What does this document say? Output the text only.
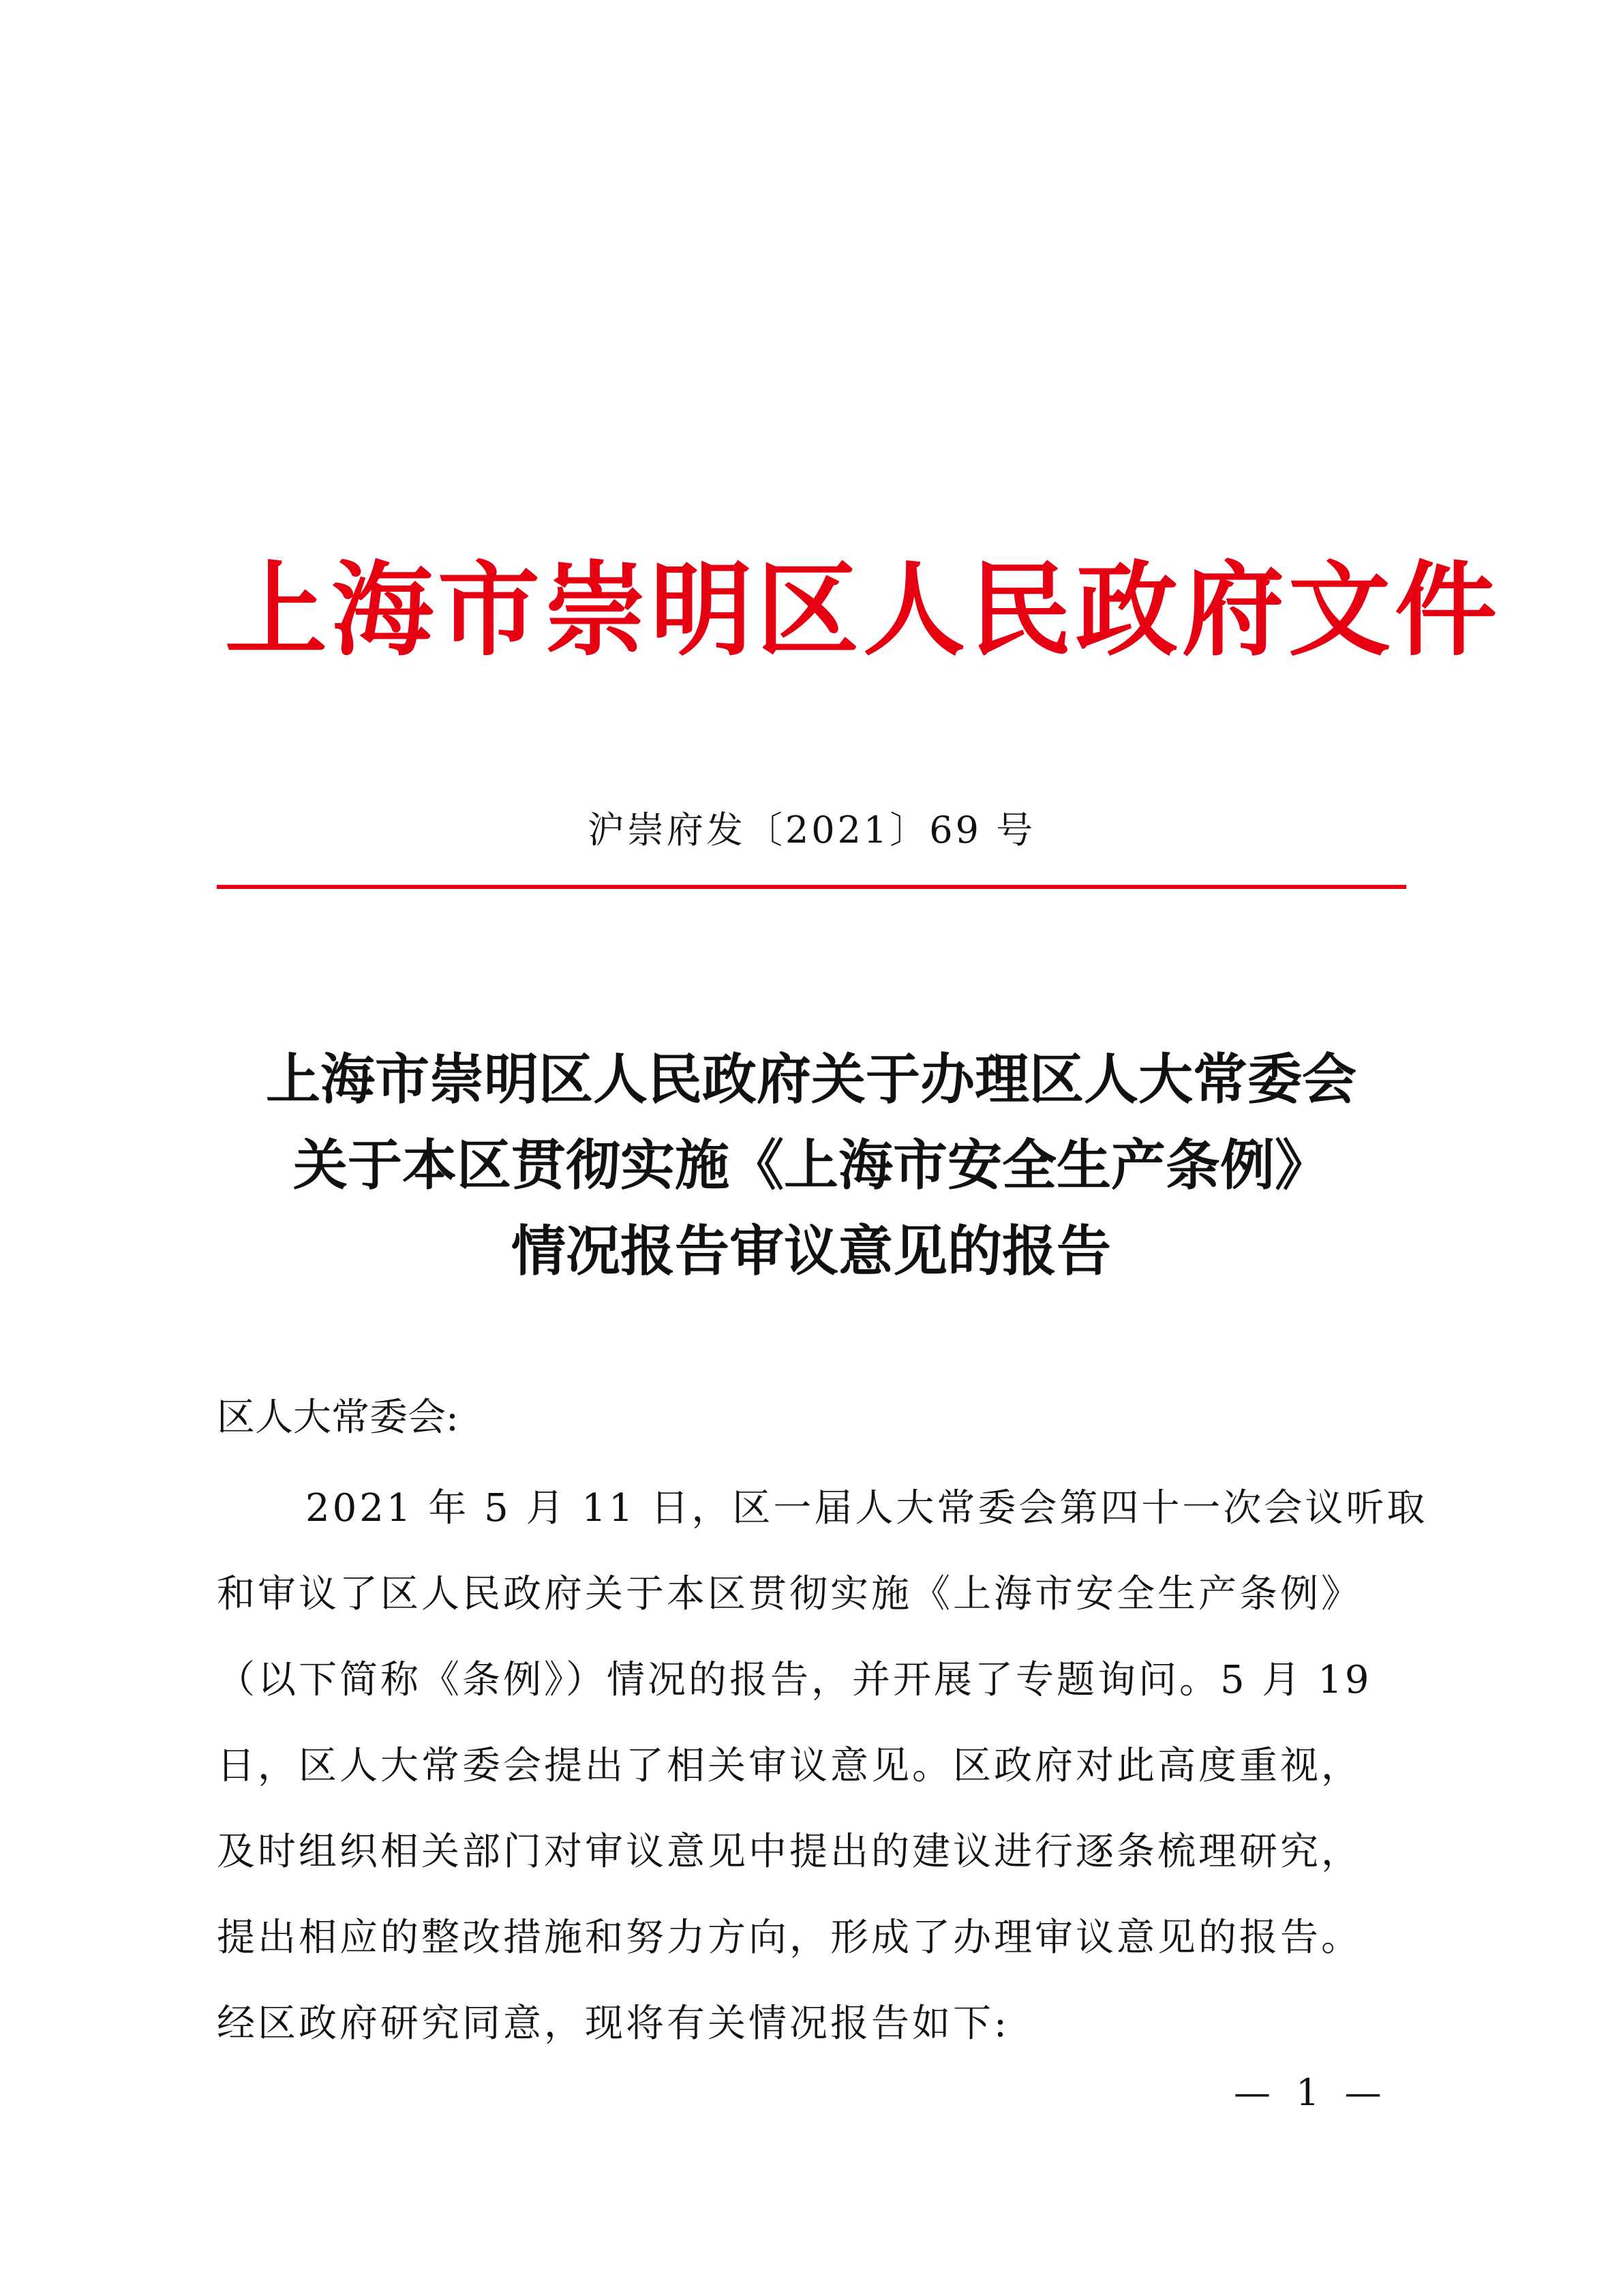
上海市崇明区人民政府文件
沪崇府发〔2021〕69 号
上海市崇明区人民政府关于办理区人大常委会
关于本区贯彻实施《上海市安全生产条例》
情况报告审议意见的报告
区人大常委会:
2021 年 5 月 11 日，区一届人大常委会第四十一次会议听取
和审议了区人民政府关于本区贯彻实施《上海市安全生产条例》
（以下简称《条例》）情况的报告，并开展了专题询问。5 月 19
日，区人大常委会提出了相关审议意见。区政府对此高度重视，
及时组织相关部门对审议意见中提出的建议进行逐条梳理研究，
提出相应的整改措施和努力方向，形成了办理审议意见的报告。
经区政府研究同意，现将有关情况报告如下:
— 1 —
